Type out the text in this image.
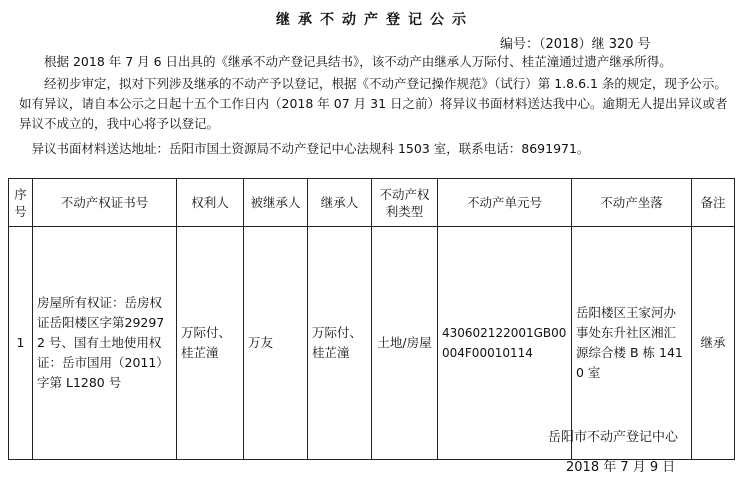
继承不动产登记公示
编号：（2018）继 320 号

根据 2018 年 7 月 6 日出具的《继承不动产登记具结书》，该不动产由继承人万际付、桂芷潼通过遗产继承所得。

经初步审定，拟对下列涉及继承的不动产予以登记，根据《不动产登记操作规范》（试行）第 1.8.6.1 条的规定，现予公示。如有异议，请自本公示之日起十五个工作日内（2018 年 07 月 31 日之前）将异议书面材料送达我中心。逾期无人提出异议或者异议不成立的，我中心将予以登记。

异议书面材料送达地址：岳阳市国土资源局不动产登记中心法规科 1503 室，联系电话：8691971。

序号	不动产权证书号	权利人	被继承人	继承人	不动产权利类型	不动产单元号	不动产坐落	备注
1	房屋所有权证：岳房权证岳阳楼区字第292972 号、国有土地使用权证：岳市国用（2011）字第 L1280 号	万际付、桂芷潼	万友	万际付、桂芷潼	土地/房屋	430602122001GB00004F00010114	岳阳楼区王家河办事处东升社区湘汇源综合楼 B 栋 1410 室	继承
岳阳市不动产登记中心
2018 年 7 月 9 日
